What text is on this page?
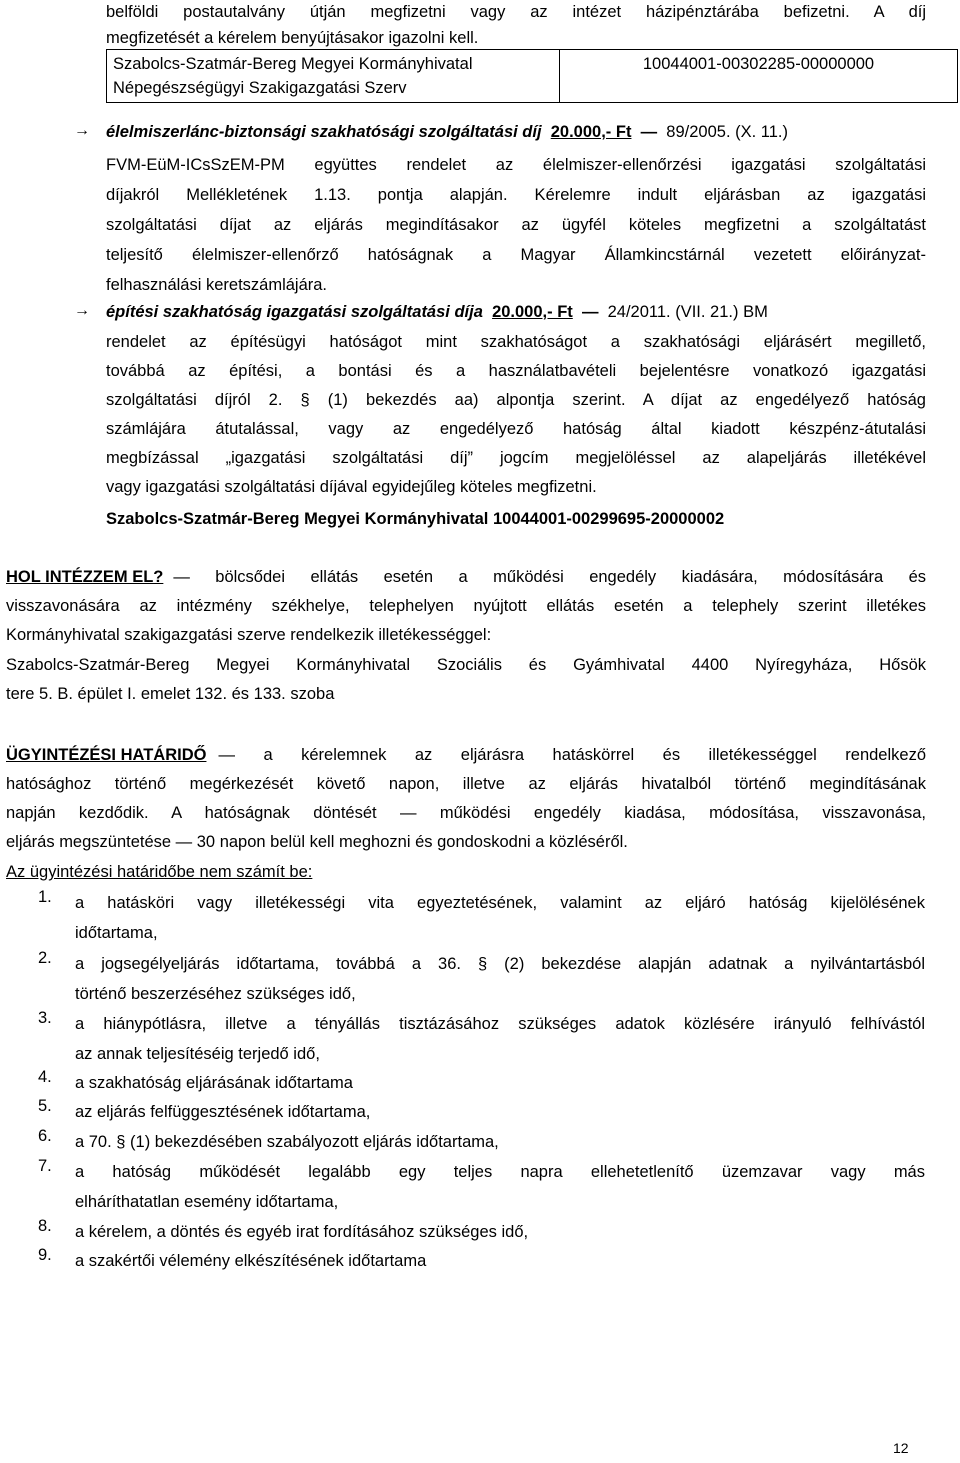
belföldi postautalvány útján megfizetni vagy az intézet házipénztárába befizetni. A díj
megfizetését a kérelem benyújtásakor igazolni kell.
Szabolcs-Szatmár-Bereg Megyei Kormányhivatal
Népegészségügyi Szakigazgatási Szerv
	10044001-00302285-00000000
→ élelmiszerlánc-biztonsági szakhatósági szolgáltatási díj 20.000,- Ft — 89/2005. (X. 11.)
FVM-EüM-ICsSzEM-PM együttes rendelet az élelmiszer-ellenőrzési igazgatási szolgáltatási
díjakról Mellékletének 1.13. pontja alapján. Kérelemre indult eljárásban az igazgatási
szolgáltatási díjat az eljárás megindításakor az ügyfél köteles megfizetni a szolgáltatást
teljesítő élelmiszer-ellenőrző hatóságnak a Magyar Államkincstárnál vezetett előirányzat-
felhasználási keretszámlájára.
→ építési szakhatóság igazgatási szolgáltatási díja 20.000,- Ft — 24/2011. (VII. 21.) BM
rendelet az építésügyi hatóságot mint szakhatóságot a szakhatósági eljárásért megillető,
továbbá az építési, a bontási és a használatbavételi bejelentésre vonatkozó igazgatási
szolgáltatási díjról 2. § (1) bekezdés aa) alpontja szerint. A díjat az engedélyező hatóság
számlájára átutalással, vagy az engedélyező hatóság által kiadott készpénz-átutalási
megbízással „igazgatási szolgáltatási díj” jogcím megjelöléssel az alapeljárás illetékével
vagy igazgatási szolgáltatási díjával egyidejűleg köteles megfizetni.
Szabolcs-Szatmár-Bereg Megyei Kormányhivatal 10044001-00299695-20000002
HOL INTÉZZEM EL? — bölcsődei ellátás esetén a működési engedély kiadására, módosítására és
visszavonására az intézmény székhelye, telephelyen nyújtott ellátás esetén a telephely szerint illetékes
Kormányhivatal szakigazgatási szerve rendelkezik illetékességgel:
Szabolcs-Szatmár-Bereg Megyei Kormányhivatal Szociális és Gyámhivatal 4400 Nyíregyháza, Hősök
tere 5. B. épület I. emelet 132. és 133. szoba
ÜGYINTÉZÉSI HATÁRIDŐ — a kérelemnek az eljárásra hatáskörrel és illetékességgel rendelkező
hatósághoz történő megérkezését követő napon, illetve az eljárás hivatalból történő megindításának
napján kezdődik. A hatóságnak döntését — működési engedély kiadása, módosítása, visszavonása,
eljárás megszüntetése — 30 napon belül kell meghozni és gondoskodni a közléséről.
Az ügyintézési határidőbe nem számít be:
1. a hatásköri vagy illetékességi vita egyeztetésének, valamint az eljáró hatóság kijelölésének
időtartama,
2. a jogsegélyeljárás időtartama, továbbá a 36. § (2) bekezdése alapján adatnak a nyilvántartásból
történő beszerzéséhez szükséges idő,
3. a hiánypótlásra, illetve a tényállás tisztázásához szükséges adatok közlésére irányuló felhívástól
az annak teljesítéséig terjedő idő,
4. a szakhatóság eljárásának időtartama
5. az eljárás felfüggesztésének időtartama,
6. a 70. § (1) bekezdésében szabályozott eljárás időtartama,
7. a hatóság működését legalább egy teljes napra ellehetetlenítő üzemzavar vagy más
elháríthatatlan esemény időtartama,
8. a kérelem, a döntés és egyéb irat fordításához szükséges idő,
9. a szakértői vélemény elkészítésének időtartama
12
